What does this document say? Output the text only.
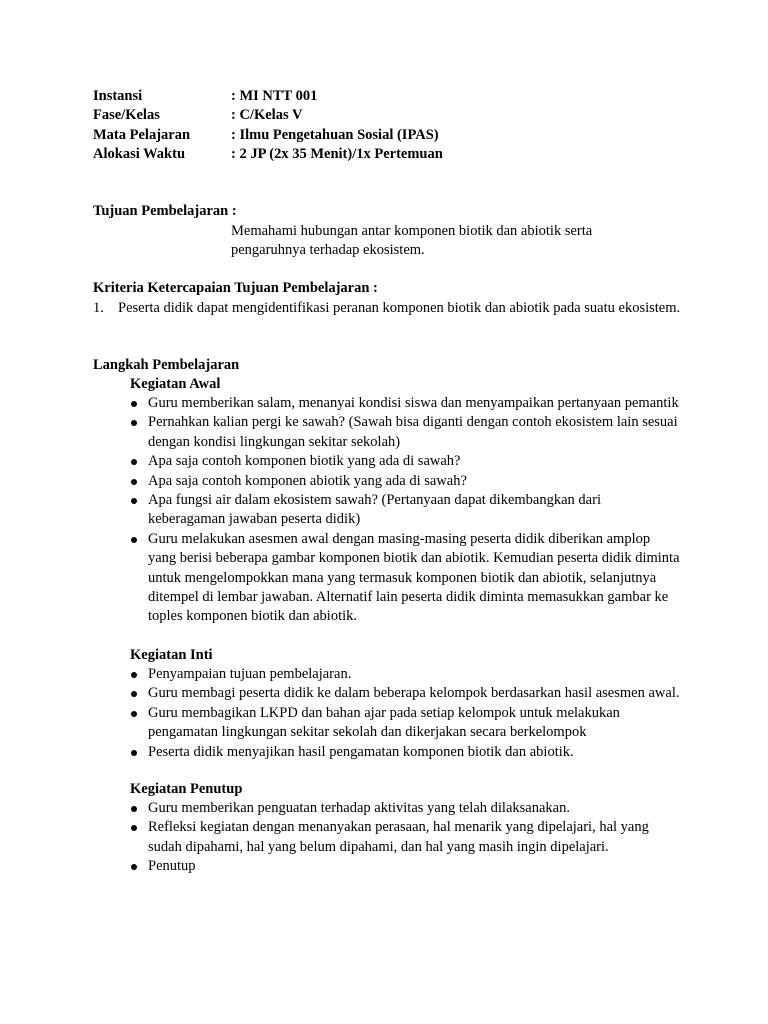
Instansi	: MI NTT 001
Fase/Kelas	: C/Kelas V
Mata Pelajaran	: Ilmu Pengetahuan Sosial (IPAS)
Alokasi Waktu	: 2 JP (2x 35 Menit)/1x Pertemuan
Tujuan Pembelajaran :
Memahami hubungan antar komponen biotik dan abiotik serta pengaruhnya terhadap ekosistem.
Kriteria Ketercapaian Tujuan Pembelajaran :
1. Peserta didik dapat mengidentifikasi peranan komponen biotik dan abiotik pada suatu ekosistem.
Langkah Pembelajaran
Kegiatan Awal
Guru memberikan salam, menanyai kondisi siswa dan menyampaikan pertanyaan pemantik
Pernahkan kalian pergi ke sawah? (Sawah bisa diganti dengan contoh ekosistem lain sesuai dengan kondisi lingkungan sekitar sekolah)
Apa saja contoh komponen biotik yang ada di sawah?
Apa saja contoh komponen abiotik yang ada di sawah?
Apa fungsi air dalam ekosistem sawah? (Pertanyaan dapat dikembangkan dari keberagaman jawaban peserta didik)
Guru melakukan asesmen awal dengan masing-masing peserta didik diberikan amplop yang berisi beberapa gambar komponen biotik dan abiotik. Kemudian peserta didik diminta untuk mengelompokkan mana yang termasuk komponen biotik dan abiotik, selanjutnya ditempel di lembar jawaban. Alternatif lain peserta didik diminta memasukkan gambar ke toples komponen biotik dan abiotik.
Kegiatan Inti
Penyampaian tujuan pembelajaran.
Guru membagi peserta didik ke dalam beberapa kelompok berdasarkan hasil asesmen awal.
Guru membagikan LKPD dan bahan ajar pada setiap kelompok untuk melakukan pengamatan lingkungan sekitar sekolah dan dikerjakan secara berkelompok
Peserta didik menyajikan hasil pengamatan komponen biotik dan abiotik.
Kegiatan Penutup
Guru memberikan penguatan terhadap aktivitas yang telah dilaksanakan.
Refleksi kegiatan dengan menanyakan perasaan, hal menarik yang dipelajari, hal yang sudah dipahami, hal yang belum dipahami, dan hal yang masih ingin dipelajari.
Penutup
